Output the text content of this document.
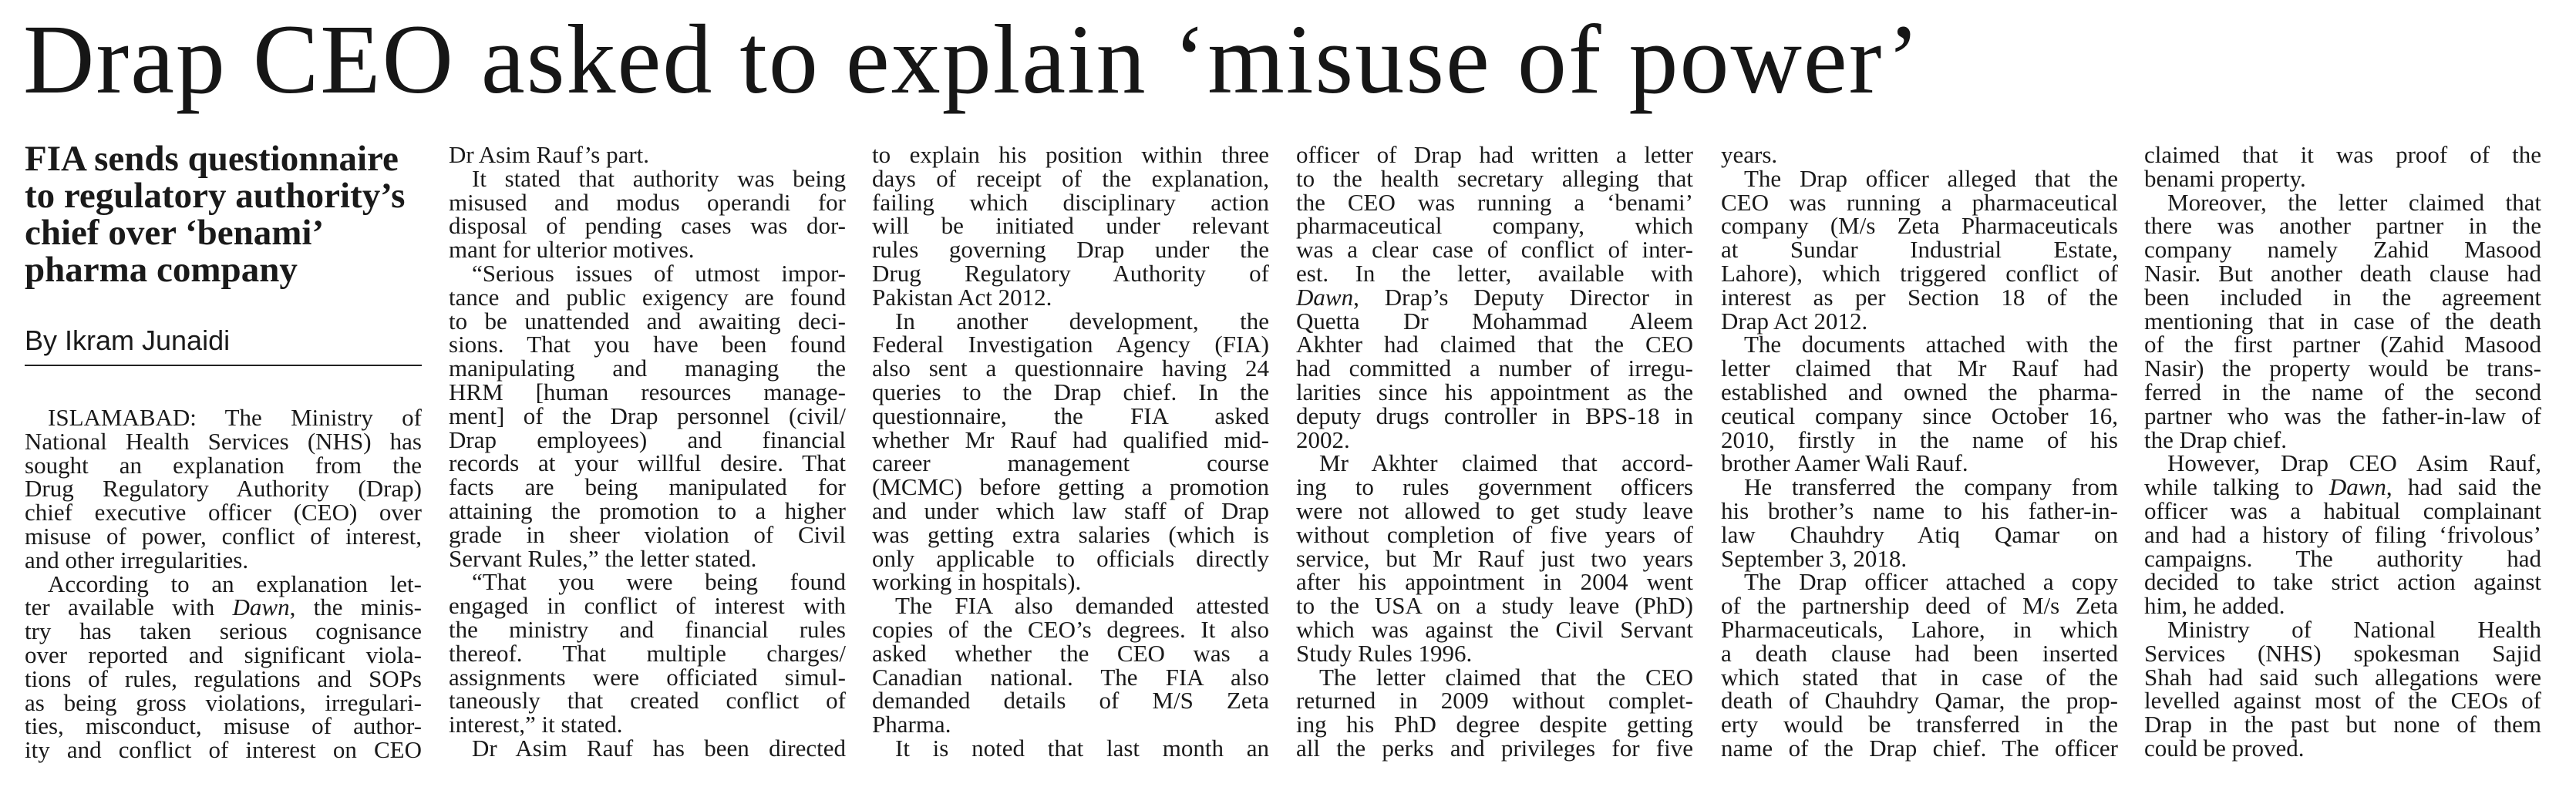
Drap CEO asked to explain ‘misuse of power’
FIA sends questionnaire
to regulatory authority’s
chief over ‘benami’
pharma company
By Ikram Junaidi
ISLAMABAD: The Ministry of
National Health Services (NHS) has
sought an explanation from the
Drug Regulatory Authority (Drap)
chief executive officer (CEO) over
misuse of power, conflict of interest,
and other irregularities.
According to an explanation let-
ter available with Dawn, the minis-
try has taken serious cognisance
over reported and significant viola-
tions of rules, regulations and SOPs
as being gross violations, irregulari-
ties, misconduct, misuse of author-
ity and conflict of interest on CEO
Dr Asim Rauf’s part.
It stated that authority was being
misused and modus operandi for
disposal of pending cases was dor-
mant for ulterior motives.
“Serious issues of utmost impor-
tance and public exigency are found
to be unattended and awaiting deci-
sions. That you have been found
manipulating and managing the
HRM [human resources manage-
ment] of the Drap personnel (civil/
Drap employees) and financial
records at your willful desire. That
facts are being manipulated for
attaining the promotion to a higher
grade in sheer violation of Civil
Servant Rules,” the letter stated.
“That you were being found
engaged in conflict of interest with
the ministry and financial rules
thereof. That multiple charges/
assignments were officiated simul-
taneously that created conflict of
interest,” it stated.
Dr Asim Rauf has been directed
to explain his position within three
days of receipt of the explanation,
failing which disciplinary action
will be initiated under relevant
rules governing Drap under the
Drug Regulatory Authority of
Pakistan Act 2012.
In another development, the
Federal Investigation Agency (FIA)
also sent a questionnaire having 24
queries to the Drap chief. In the
questionnaire, the FIA asked
whether Mr Rauf had qualified mid-
career management course
(MCMC) before getting a promotion
and under which law staff of Drap
was getting extra salaries (which is
only applicable to officials directly
working in hospitals).
The FIA also demanded attested
copies of the CEO’s degrees. It also
asked whether the CEO was a
Canadian national. The FIA also
demanded details of M/S Zeta
Pharma.
It is noted that last month an
officer of Drap had written a letter
to the health secretary alleging that
the CEO was running a ‘benami’
pharmaceutical company, which
was a clear case of conflict of inter-
est. In the letter, available with
Dawn, Drap’s Deputy Director in
Quetta Dr Mohammad Aleem
Akhter had claimed that the CEO
had committed a number of irregu-
larities since his appointment as the
deputy drugs controller in BPS-18 in
2002.
Mr Akhter claimed that accord-
ing to rules government officers
were not allowed to get study leave
without completion of five years of
service, but Mr Rauf just two years
after his appointment in 2004 went
to the USA on a study leave (PhD)
which was against the Civil Servant
Study Rules 1996.
The letter claimed that the CEO
returned in 2009 without complet-
ing his PhD degree despite getting
all the perks and privileges for five
years.
The Drap officer alleged that the
CEO was running a pharmaceutical
company (M/s Zeta Pharmaceuticals
at Sundar Industrial Estate,
Lahore), which triggered conflict of
interest as per Section 18 of the
Drap Act 2012.
The documents attached with the
letter claimed that Mr Rauf had
established and owned the pharma-
ceutical company since October 16,
2010, firstly in the name of his
brother Aamer Wali Rauf.
He transferred the company from
his brother’s name to his father-in-
law Chauhdry Atiq Qamar on
September 3, 2018.
The Drap officer attached a copy
of the partnership deed of M/s Zeta
Pharmaceuticals, Lahore, in which
a death clause had been inserted
which stated that in case of the
death of Chauhdry Qamar, the prop-
erty would be transferred in the
name of the Drap chief. The officer
claimed that it was proof of the
benami property.
Moreover, the letter claimed that
there was another partner in the
company namely Zahid Masood
Nasir. But another death clause had
been included in the agreement
mentioning that in case of the death
of the first partner (Zahid Masood
Nasir) the property would be trans-
ferred in the name of the second
partner who was the father-in-law of
the Drap chief.
However, Drap CEO Asim Rauf,
while talking to Dawn, had said the
officer was a habitual complainant
and had a history of filing ‘frivolous’
campaigns. The authority had
decided to take strict action against
him, he added.
Ministry of National Health
Services (NHS) spokesman Sajid
Shah had said such allegations were
levelled against most of the CEOs of
Drap in the past but none of them
could be proved.
